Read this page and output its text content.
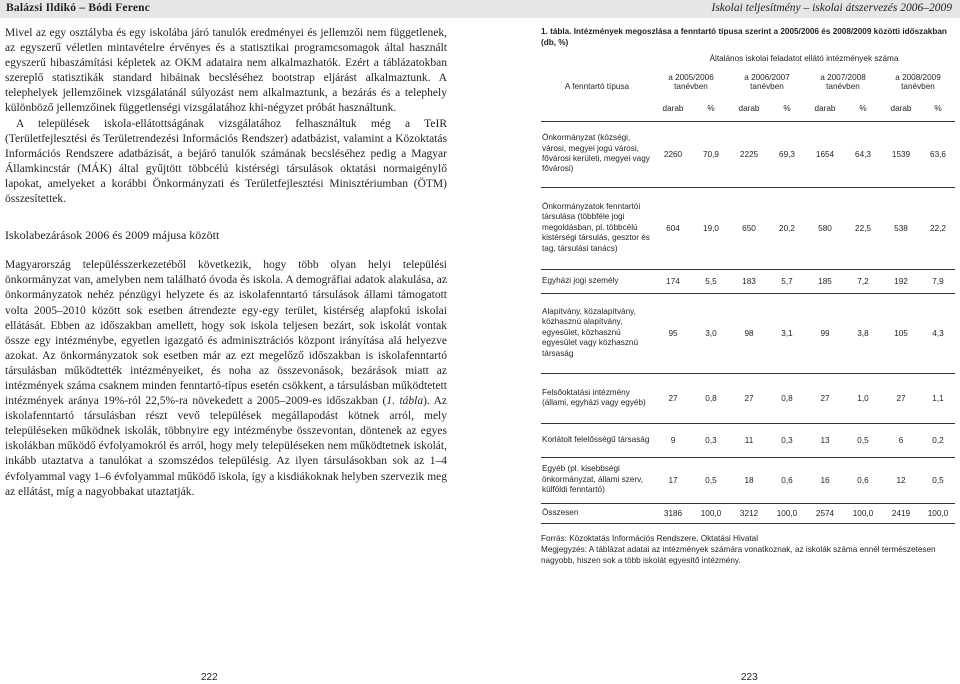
Balázsi Ildikó – Bódi Ferenc	Iskolai teljesítmény – iskolai átszervezés 2006–2009

Mivel az egy osztályba és egy iskolába járó tanulók eredményei és jellemzői nem függetlenek, az egyszerű véletlen mintavételre érvényes és a statisztikai programcsomagok által használt egyszerű hibaszámítási képletek az OKM adataira nem alkalmazhatók. Ezért a táblázatokban szereplő statisztikák standard hibáinak becsléséhez bootstrap eljárást alkalmaztunk. A telephelyek jellemzőinek vizsgálatánál súlyozást nem alkalmaztunk, a bezárás és a telephely különböző jellemzőinek függetlenségi vizsgálatához khi-négyzet próbát használtunk.

A települések iskola-ellátottságának vizsgálatához felhasználtuk még a TeIR (Területfejlesztési és Területrendezési Információs Rendszer) adatbázist, valamint a Közoktatás Információs Rendszere adatbázisát, a bejáró tanulók számának becsléséhez pedig a Magyar Államkincstár (MÁK) által gyűjtött többcélú kistérségi társulások oktatási normaigénylő lapokat, amelyeket a korábbi Önkormányzati és Területfejlesztési Minisztériumban (ÖTM) összesítettek.

Iskolabezárások 2006 és 2009 májusa között

Magyarország településszerkezetéből következik, hogy több olyan helyi települési önkormányzat van, amelyben nem található óvoda és iskola. A demográfiai adatok alakulása, az önkormányzatok nehéz pénzügyi helyzete és az iskolafenntartó társulások állami támogatott volta 2005–2010 között sok esetben átrendezte egy-egy terület, kistérség alapfokú iskolai ellátását. Ebben az időszakban amellett, hogy sok iskola teljesen bezárt, sok iskolát vontak össze egy intézménybe, egyetlen igazgató és adminisztrációs központ irányítása alá helyezve azokat. Az önkormányzatok sok esetben már az ezt megelőző időszakban is iskolafenntartó társulásban működtették intézményeiket, és noha az összevonások, bezárások miatt az intézmények száma csaknem minden fenntartó-típus esetén csökkent, a társulásban működtetett intézmények aránya 19%-ról 22,5%-ra növekedett a 2005–2009-es időszakban (1. tábla). Az iskolafenntartó társulásban részt vevő települések megállapodást kötnek arról, mely településeken működnek iskolák, többnyire egy intézménybe összevontan, döntenek az egyes iskolákban működő évfolyamokról és arról, hogy mely településeken nem működtetnek iskolát, inkább utaztatva a tanulókat a szomszédos településig. Az ilyen társulásokban sok az 1–4 évfolyammal vagy 1–6 évfolyammal működő iskola, így a kisdiákoknak helyben szervezik meg az ellátást, míg a nagyobbakat utaztatják.

1. tábla. Intézmények megoszlása a fenntartó típusa szerint a 2005/2006 és 2008/2009 közötti időszakban (db, %)
A fenntartó típusa	Általános iskolai feladatot ellátó intézmények száma							
	a 2005/2006 tanévben		a 2006/2007 tanévben		a 2007/2008 tanévben		a 2008/2009 tanévben	
	darab	%	darab	%	darab	%	darab	%
Önkormányzat (községi, városi, megyei jogú városi, fővárosi kerületi, megyei vagy fővárosi)	2260	70,9	2225	69,3	1654	64,3	1539	63,6
Önkormányzatok fenntartói társulása (többféle jogi megoldásban, pl. többcélú kistérségi társulás, gesztor és tag, társulási tanács)	604	19,0	650	20,2	580	22,5	538	22,2
Egyházi jogi személy	174	5,5	183	5,7	185	7,2	192	7,9
Alapítvány, közalapítvány, közhasznú alapítvány, egyesület, közhasznú egyesület vagy közhasznú társaság	95	3,0	98	3,1	99	3,8	105	4,3
Felsőoktatási intézmény (állami, egyházi vagy egyéb)	27	0,8	27	0,8	27	1,0	27	1,1
Korlátolt felelősségű társaság	9	0,3	11	0,3	13	0,5	6	0,2
Egyéb (pl. kisebbségi önkormányzat, állami szerv, külföldi fenntartó)	17	0,5	18	0,6	16	0,6	12	0,5
Összesen	3186	100,0	3212	100,0	2574	100,0	2419	100,0
Forrás: Közoktatás Információs Rendszere, Oktatási Hivatal
Megjegyzés: A táblázat adatai az intézmények számára vonatkoznak, az iskolák száma ennél természetesen nagyobb, hiszen sok a több iskolát egyesítő intézmény.
222	223
